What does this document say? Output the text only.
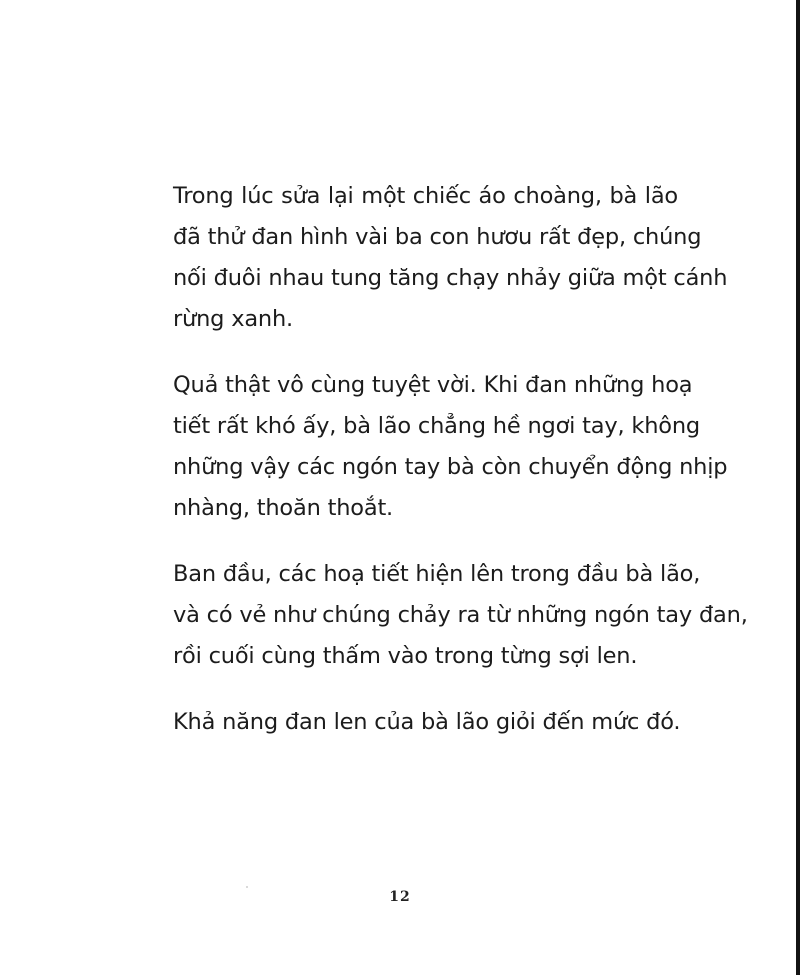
Trong lúc sửa lại một chiếc áo choàng, bà lão
đã thử đan hình vài ba con hươu rất đẹp, chúng
nối đuôi nhau tung tăng chạy nhảy giữa một cánh
rừng xanh.

Quả thật vô cùng tuyệt vời. Khi đan những hoạ
tiết rất khó ấy, bà lão chẳng hề ngơi tay, không
những vậy các ngón tay bà còn chuyển động nhịp
nhàng, thoăn thoắt.

Ban đầu, các hoạ tiết hiện lên trong đầu bà lão,
và có vẻ như chúng chảy ra từ những ngón tay đan,
rồi cuối cùng thấm vào trong từng sợi len.

Khả năng đan len của bà lão giỏi đến mức đó.

12
